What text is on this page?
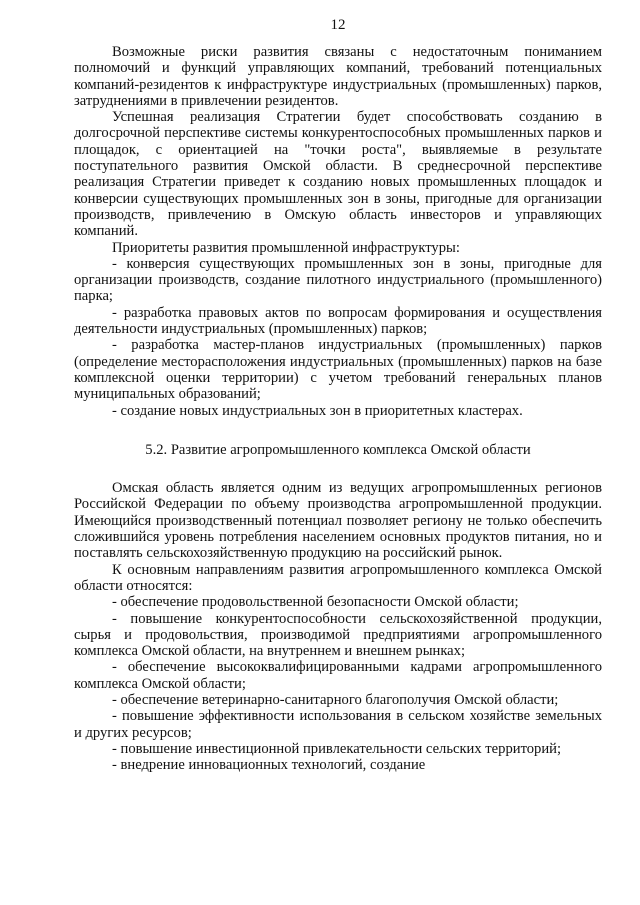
12

Возможные риски развития связаны с недостаточным пониманием полномочий и функций управляющих компаний, требований потенциальных компаний-резидентов к инфраструктуре индустриальных (промышленных) парков, затруднениями в привлечении резидентов.

Успешная реализация Стратегии будет способствовать созданию в долгосрочной перспективе системы конкурентоспособных промышленных парков и площадок, с ориентацией на "точки роста", выявляемые в результате поступательного развития Омской области. В среднесрочной перспективе реализация Стратегии приведет к созданию новых промышленных площадок и конверсии существующих промышленных зон в зоны, пригодные для организации производств, привлечению в Омскую область инвесторов и управляющих компаний.

Приоритеты развития промышленной инфраструктуры:

- конверсия существующих промышленных зон в зоны, пригодные для организации производств, создание пилотного индустриального (промышленного) парка;

- разработка правовых актов по вопросам формирования и осуществления деятельности индустриальных (промышленных) парков;

- разработка мастер-планов индустриальных (промышленных) парков (определение месторасположения индустриальных (промышленных) парков на базе комплексной оценки территории) с учетом требований генеральных планов муниципальных образований;

- создание новых индустриальных зон в приоритетных кластерах.

5.2. Развитие агропромышленного комплекса Омской области

Омская область является одним из ведущих агропромышленных регионов Российской Федерации по объему производства агропромышленной продукции. Имеющийся производственный потенциал позволяет региону не только обеспечить сложившийся уровень потребления населением основных продуктов питания, но и поставлять сельскохозяйственную продукцию на российский рынок.

К основным направлениям развития агропромышленного комплекса Омской области относятся:

- обеспечение продовольственной безопасности Омской области;

- повышение конкурентоспособности сельскохозяйственной продукции, сырья и продовольствия, производимой предприятиями агропромышленного комплекса Омской области, на внутреннем и внешнем рынках;

- обеспечение высококвалифицированными кадрами агропромышленного комплекса Омской области;

- обеспечение ветеринарно-санитарного благополучия Омской области;

- повышение эффективности использования в сельском хозяйстве земельных и других ресурсов;

- повышение инвестиционной привлекательности сельских территорий;

- внедрение инновационных технологий, создание
